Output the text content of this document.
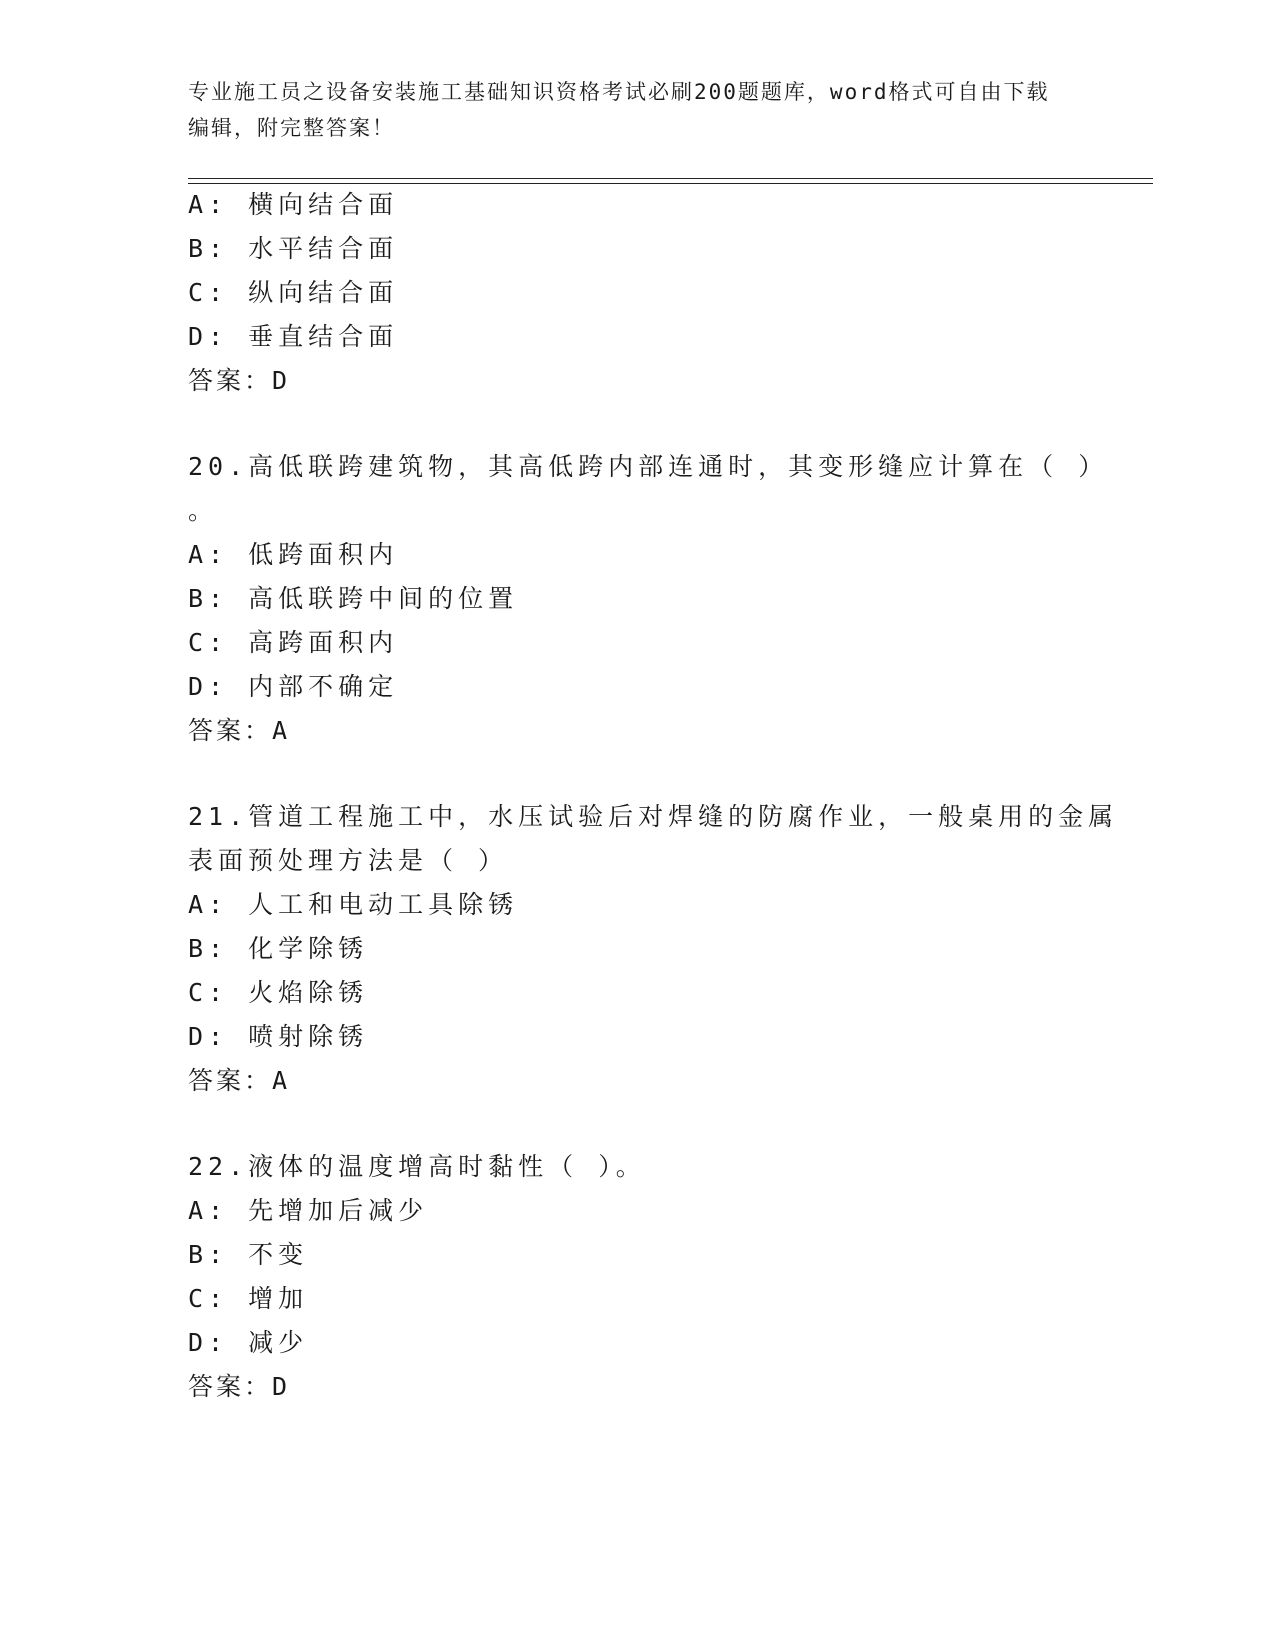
专业施工员之设备安装施工基础知识资格考试必刷200题题库，word格式可自由下载编辑，附完整答案！
A: 横向结合面
B: 水平结合面
C: 纵向结合面
D: 垂直结合面
答案：D
20.高低联跨建筑物，其高低跨内部连通时，其变形缝应计算在（ ）
。
A: 低跨面积内
B: 高低联跨中间的位置
C: 高跨面积内
D: 内部不确定
答案：A
21.管道工程施工中，水压试验后对焊缝的防腐作业，一般桌用的金属
表面预处理方法是（ ）
A: 人工和电动工具除锈
B: 化学除锈
C: 火焰除锈
D: 喷射除锈
答案：A
22.液体的温度增高时黏性（ ）。
A: 先增加后减少
B: 不变
C: 增加
D: 减少
答案：D
